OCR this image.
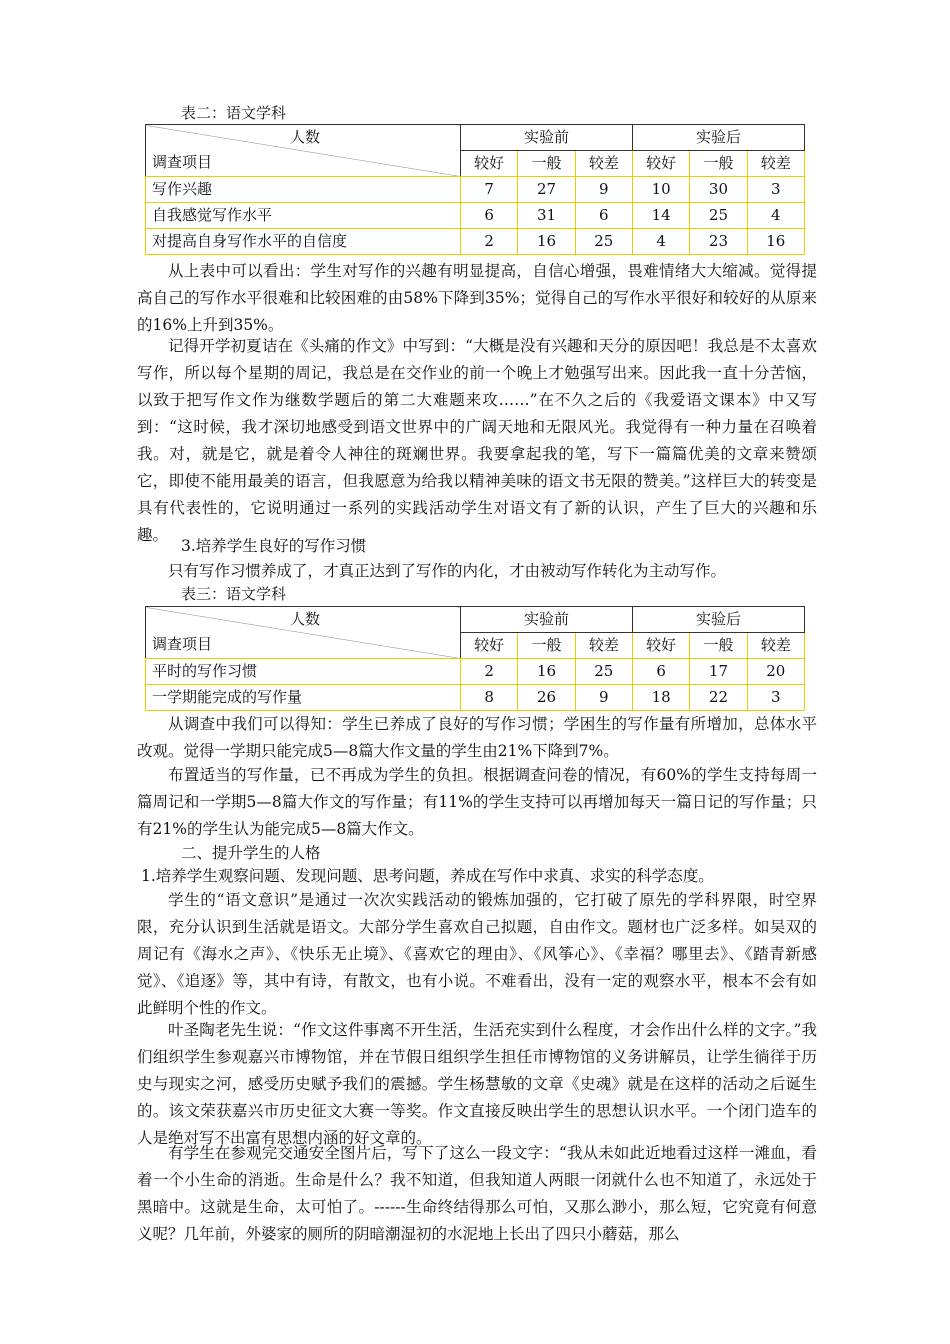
表二：语文学科
人数
调查项目	实验前			实验后		
	较好	一般	较差	较好	一般	较差
写作兴趣	7	27	9	10	30	3
自我感觉写作水平	6	31	6	14	25	4
对提高自身写作水平的自信度	2	16	25	4	23	16

从上表中可以看出：学生对写作的兴趣有明显提高，自信心增强，畏难情绪大大缩减。觉得提高自己的写作水平很难和比较困难的由58%下降到35%；觉得自己的写作水平很好和较好的从原来的16%上升到35%。

记得开学初夏诘在《头痛的作文》中写到：“大概是没有兴趣和天分的原因吧！我总是不太喜欢写作，所以每个星期的周记，我总是在交作业的前一个晚上才勉强写出来。因此我一直十分苦恼，以致于把写作文作为继数学题后的第二大难题来攻……”在不久之后的《我爱语文课本》中又写到：“这时候，我才深切地感受到语文世界中的广阔天地和无限风光。我觉得有一种力量在召唤着我。对，就是它，就是着令人神往的斑斓世界。我要拿起我的笔，写下一篇篇优美的文章来赞颂它，即使不能用最美的语言，但我愿意为给我以精神美味的语文书无限的赞美。”这样巨大的转变是具有代表性的，它说明通过一系列的实践活动学生对语文有了新的认识，产生了巨大的兴趣和乐趣。

3.培养学生良好的写作习惯

只有写作习惯养成了，才真正达到了写作的内化，才由被动写作转化为主动写作。

表三：语文学科
人数
调查项目	实验前			实验后		
	较好	一般	较差	较好	一般	较差
平时的写作习惯	2	16	25	6	17	20
一学期能完成的写作量	8	26	9	18	22	3

从调查中我们可以得知：学生已养成了良好的写作习惯；学困生的写作量有所增加，总体水平改观。觉得一学期只能完成5—8篇大作文量的学生由21%下降到7%。

布置适当的写作量，已不再成为学生的负担。根据调查问卷的情况，有60%的学生支持每周一篇周记和一学期5—8篇大作文的写作量；有11%的学生支持可以再增加每天一篇日记的写作量；只有21%的学生认为能完成5—8篇大作文。

二、提升学生的人格
1.培养学生观察问题、发现问题、思考问题，养成在写作中求真、求实的科学态度。

学生的“语文意识”是通过一次次实践活动的锻炼加强的，它打破了原先的学科界限，时空界限，充分认识到生活就是语文。大部分学生喜欢自己拟题，自由作文。题材也广泛多样。如吴双的周记有《海水之声》、《快乐无止境》、《喜欢它的理由》、《风筝心》、《幸福？哪里去》、《踏青新感觉》、《追逐》等，其中有诗，有散文，也有小说。不难看出，没有一定的观察水平，根本不会有如此鲜明个性的作文。

叶圣陶老先生说：“作文这件事离不开生活，生活充实到什么程度，才会作出什么样的文字。”我们组织学生参观嘉兴市博物馆，并在节假日组织学生担任市博物馆的义务讲解员，让学生徜徉于历史与现实之河，感受历史赋予我们的震撼。学生杨慧敏的文章《史魂》就是在这样的活动之后诞生的。该文荣获嘉兴市历史征文大赛一等奖。作文直接反映出学生的思想认识水平。一个闭门造车的人是绝对写不出富有思想内涵的好文章的。

有学生在参观完交通安全图片后，写下了这么一段文字：“我从未如此近地看过这样一滩血，看着一个小生命的消逝。生命是什么？我不知道，但我知道人两眼一闭就什么也不知道了，永远处于黑暗中。这就是生命，太可怕了。------生命终结得那么可怕，又那么渺小，那么短，它究竟有何意义呢？几年前，外婆家的厕所的阴暗潮湿初的水泥地上长出了四只小蘑菇，那么
